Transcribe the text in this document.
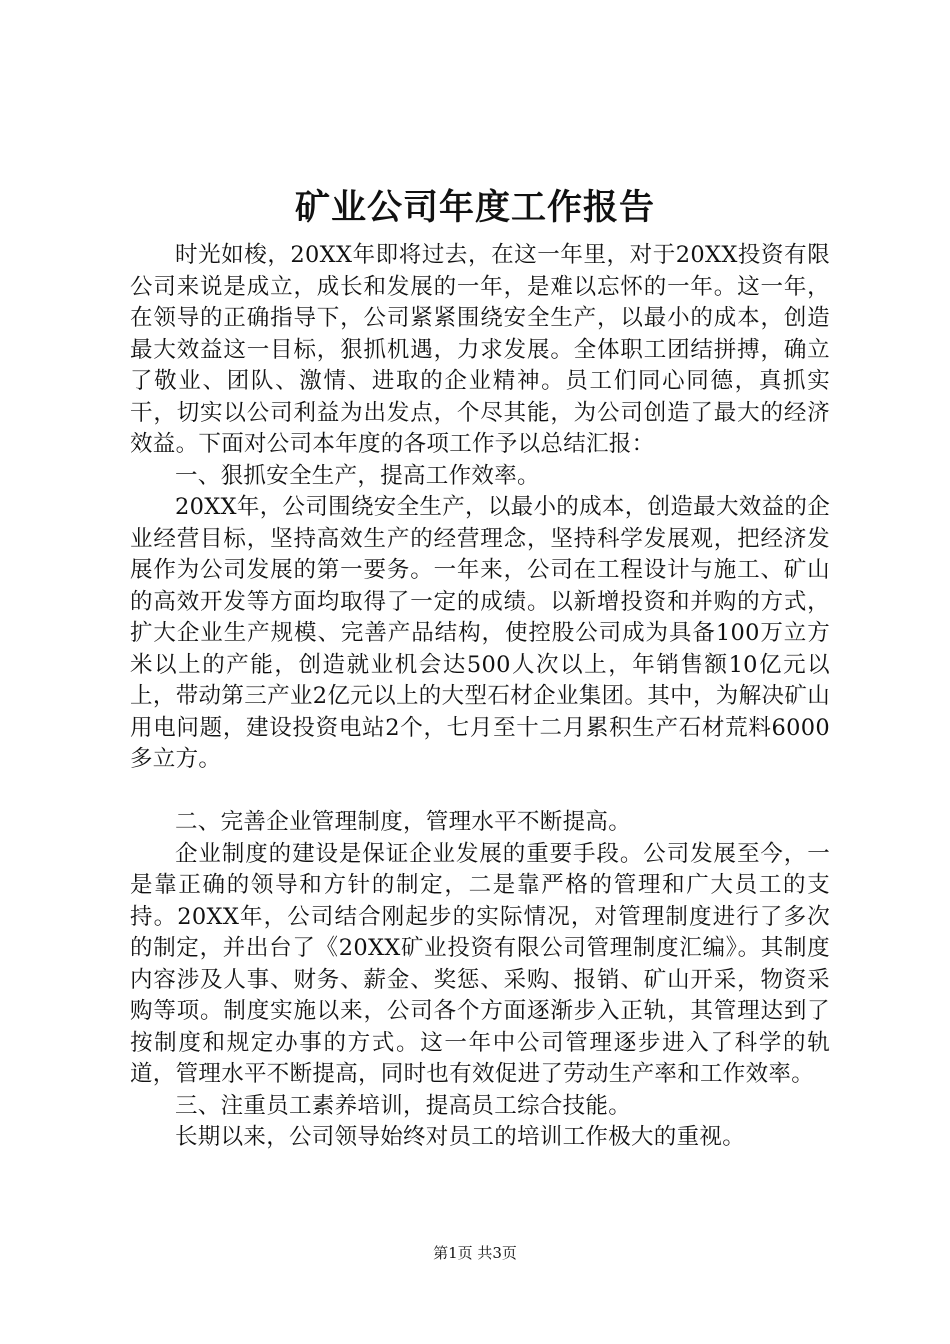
矿业公司年度工作报告

时光如梭，20XX年即将过去，在这一年里，对于20XX投资有限公司来说是成立，成长和发展的一年，是难以忘怀的一年。这一年，在领导的正确指导下，公司紧紧围绕安全生产，以最小的成本，创造最大效益这一目标，狠抓机遇，力求发展。全体职工团结拼搏，确立了敬业、团队、激情、进取的企业精神。员工们同心同德，真抓实干，切实以公司利益为出发点，个尽其能，为公司创造了最大的经济效益。下面对公司本年度的各项工作予以总结汇报：

一、狠抓安全生产，提高工作效率。

20XX年，公司围绕安全生产，以最小的成本，创造最大效益的企业经营目标，坚持高效生产的经营理念，坚持科学发展观，把经济发展作为公司发展的第一要务。一年来，公司在工程设计与施工、矿山的高效开发等方面均取得了一定的成绩。以新增投资和并购的方式，扩大企业生产规模、完善产品结构，使控股公司成为具备100万立方米以上的产能，创造就业机会达500人次以上，年销售额10亿元以上，带动第三产业2亿元以上的大型石材企业集团。其中，为解决矿山用电问题，建设投资电站2个，七月至十二月累积生产石材荒料6000多立方。

二、完善企业管理制度，管理水平不断提高。

企业制度的建设是保证企业发展的重要手段。公司发展至今，一是靠正确的领导和方针的制定，二是靠严格的管理和广大员工的支持。20XX年，公司结合刚起步的实际情况，对管理制度进行了多次的制定，并出台了《20XX矿业投资有限公司管理制度汇编》。其制度内容涉及人事、财务、薪金、奖惩、采购、报销、矿山开采，物资采购等项。制度实施以来，公司各个方面逐渐步入正轨，其管理达到了按制度和规定办事的方式。这一年中公司管理逐步进入了科学的轨道，管理水平不断提高，同时也有效促进了劳动生产率和工作效率。

三、注重员工素养培训，提高员工综合技能。

长期以来，公司领导始终对员工的培训工作极大的重视。

第1页 共3页
